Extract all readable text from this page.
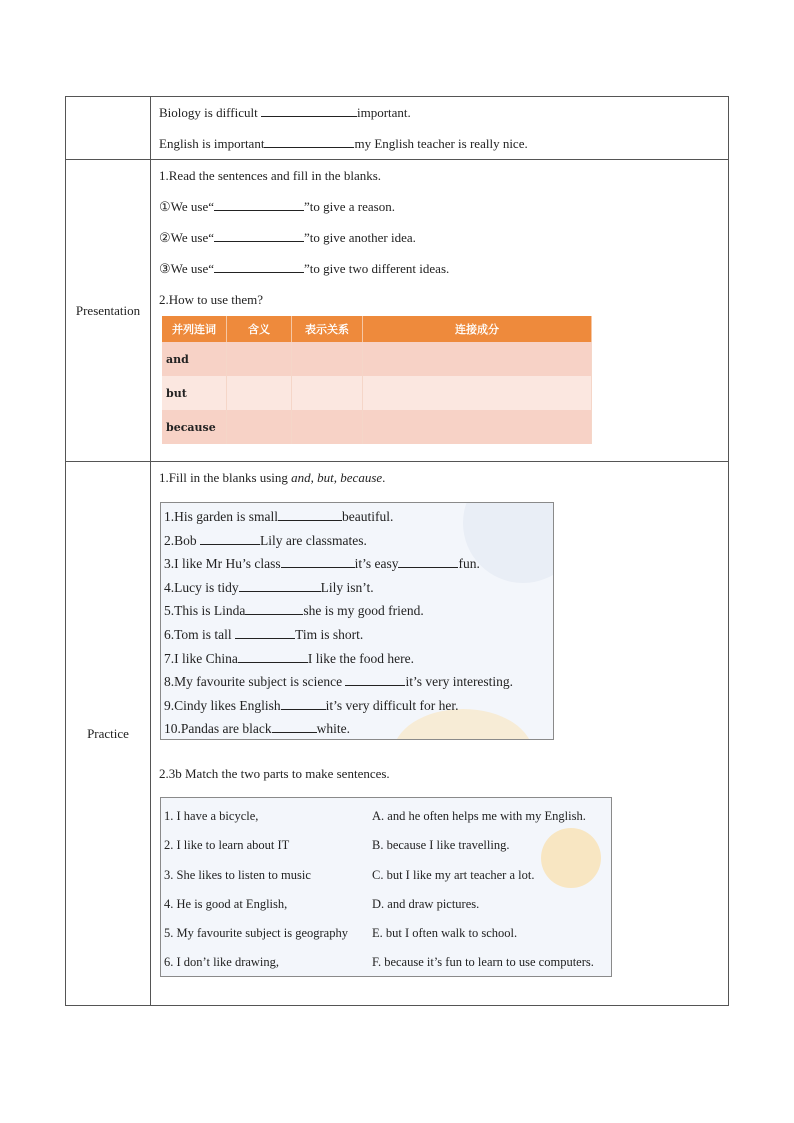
Biology is difficult	important.
English is important	my English teacher is really nice.

Presentation	
1.Read the sentences and fill in the blanks.
①We use“	”to give a reason.
②We use“	”to give another idea.
③We use“	”to give two different ideas.
2.How to use them?
并列连词	含义	表示关系	连接成分
and			
but			
because			

Practice	
1.Fill in the blanks using and, but, because.
1.His garden is small	beautiful.
2.Bob	Lily are classmates.
3.I like Mr Hu’s class	it’s easy	fun.
4.Lucy is tidy	Lily isn’t.
5.This is Linda	she is my good friend.
6.Tom is tall	Tim is short.
7.I like China	I like the food here.
8.My favourite subject is science	it’s very interesting.
9.Cindy likes English	it’s very difficult for her.
10.Pandas are black	white.
2.3b Match the two parts to make sentences.
1. I have a bicycle,	A. and he often helps me with my English.
2. I like to learn about IT	B. because I like travelling.
3. She likes to listen to music	C. but I like my art teacher a lot.
4. He is good at English,	D. and draw pictures.
5. My favourite subject is geography	E. but I often walk to school.
6. I don’t like drawing,	F. because it’s fun to learn to use computers.
